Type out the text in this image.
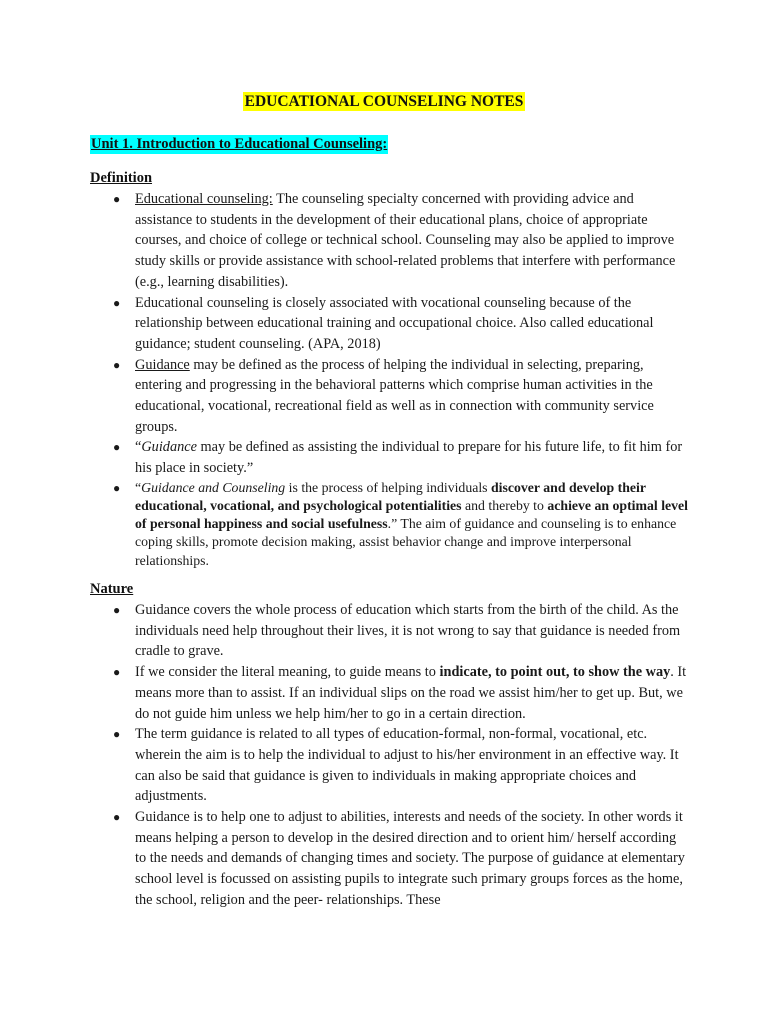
EDUCATIONAL COUNSELING NOTES
Unit 1. Introduction to Educational Counseling:
Definition
● Educational counseling: The counseling specialty concerned with providing advice and assistance to students in the development of their educational plans, choice of appropriate courses, and choice of college or technical school. Counseling may also be applied to improve study skills or provide assistance with school-related problems that interfere with performance (e.g., learning disabilities).
● Educational counseling is closely associated with vocational counseling because of the relationship between educational training and occupational choice. Also called educational guidance; student counseling. (APA, 2018)
● Guidance may be defined as the process of helping the individual in selecting, preparing, entering and progressing in the behavioral patterns which comprise human activities in the educational, vocational, recreational field as well as in connection with community service groups.
● “Guidance may be defined as assisting the individual to prepare for his future life, to fit him for his place in society.”
● “Guidance and Counseling is the process of helping individuals discover and develop their educational, vocational, and psychological potentialities and thereby to achieve an optimal level of personal happiness and social usefulness.” The aim of guidance and counseling is to enhance coping skills, promote decision making, assist behavior change and improve interpersonal relationships.
Nature
● Guidance covers the whole process of education which starts from the birth of the child. As the individuals need help throughout their lives, it is not wrong to say that guidance is needed from cradle to grave.
● If we consider the literal meaning, to guide means to indicate, to point out, to show the way. It means more than to assist. If an individual slips on the road we assist him/her to get up. But, we do not guide him unless we help him/her to go in a certain direction.
● The term guidance is related to all types of education-formal, non-formal, vocational, etc. wherein the aim is to help the individual to adjust to his/her environment in an effective way. It can also be said that guidance is given to individuals in making appropriate choices and adjustments.
● Guidance is to help one to adjust to abilities, interests and needs of the society. In other words it means helping a person to develop in the desired direction and to orient him/ herself according to the needs and demands of changing times and society. The purpose of guidance at elementary school level is focussed on assisting pupils to integrate such primary groups forces as the home, the school, religion and the peer- relationships. These
